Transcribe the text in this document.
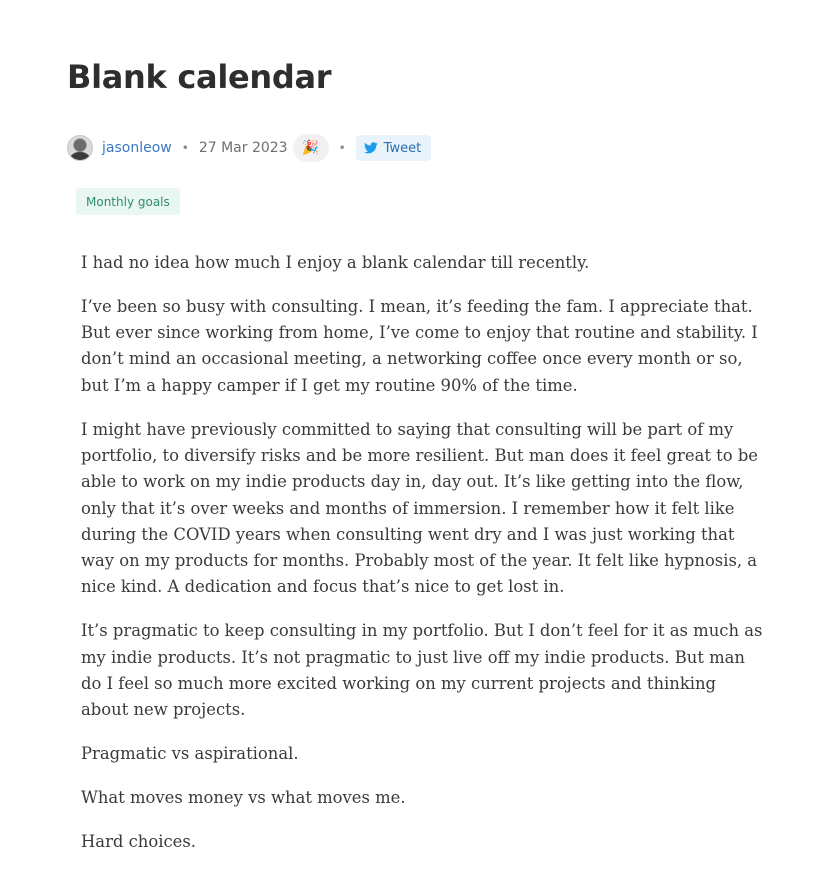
Blank calendar
jasonleow • 27 Mar 2023 🎉 •	Tweet
Monthly goals

I had no idea how much I enjoy a blank calendar till recently.

I’ve been so busy with consulting. I mean, it’s feeding the fam. I appreciate that. But ever since working from home, I’ve come to enjoy that routine and stability. I don’t mind an occasional meeting, a networking coffee once every month or so, but I’m a happy camper if I get my routine 90% of the time.

I might have previously committed to saying that consulting will be part of my portfolio, to diversify risks and be more resilient. But man does it feel great to be able to work on my indie products day in, day out. It’s like getting into the flow, only that it’s over weeks and months of immersion. I remember how it felt like during the COVID years when consulting went dry and I was just working that way on my products for months. Probably most of the year. It felt like hypnosis, a nice kind. A dedication and focus that’s nice to get lost in.

It’s pragmatic to keep consulting in my portfolio. But I don’t feel for it as much as my indie products. It’s not pragmatic to just live off my indie products. But man do I feel so much more excited working on my current projects and thinking about new projects.

Pragmatic vs aspirational.

What moves money vs what moves me.

Hard choices.
